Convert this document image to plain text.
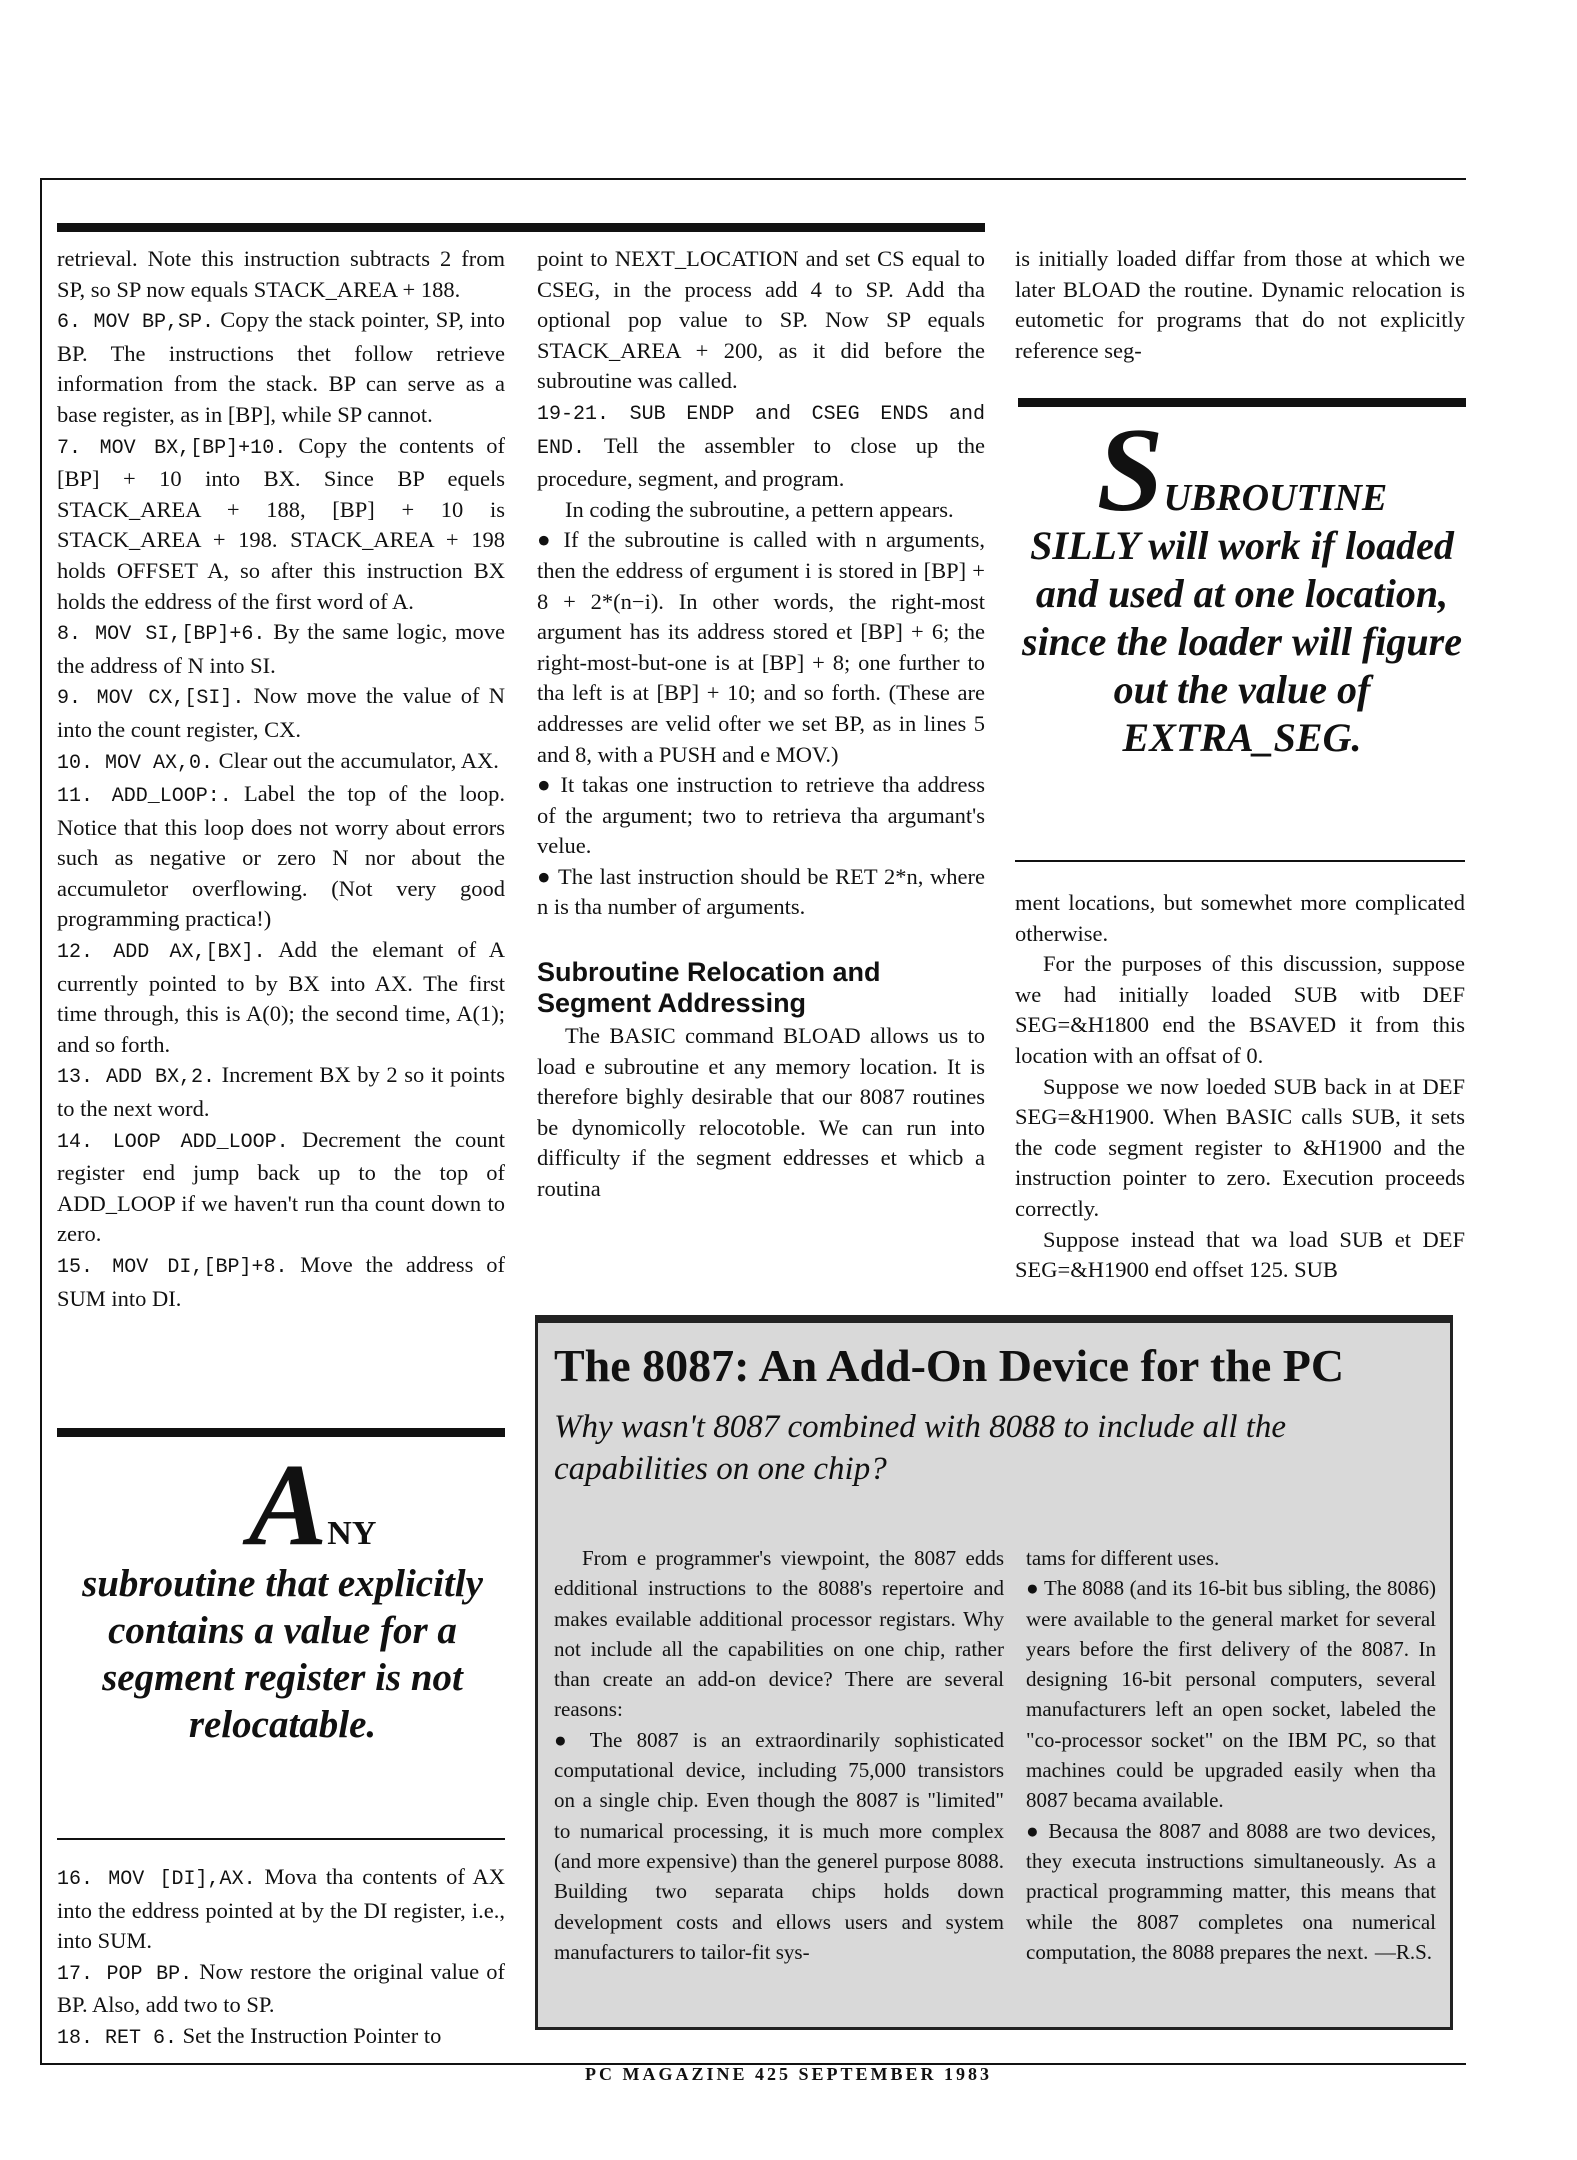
retrieval. Note this instruction subtracts 2 from SP, so SP now equals STACK_AREA + 188.

6. MOV BP,SP. Copy the stack pointer, SP, into BP. The instructions thet follow retrieve information from the stack. BP can serve as a base register, as in [BP], while SP cannot.

7. MOV BX,[BP]+10. Copy the contents of [BP] + 10 into BX. Since BP equels STACK_AREA + 188, [BP] + 10 is STACK_AREA + 198. STACK_AREA + 198 holds OFFSET A, so after this instruction BX holds the eddress of the first word of A.

8. MOV SI,[BP]+6. By the same logic, move the address of N into SI.

9. MOV CX,[SI]. Now move the value of N into the count register, CX.

10. MOV AX,0. Clear out the accumulator, AX.

11. ADD_LOOP:. Label the top of the loop. Notice that this loop does not worry about errors such as negative or zero N nor about the accumuletor overflowing. (Not very good programming practica!)

12. ADD AX,[BX]. Add the elemant of A currently pointed to by BX into AX. The first time through, this is A(0); the second time, A(1); and so forth.

13. ADD BX,2. Increment BX by 2 so it points to the next word.

14. LOOP ADD_LOOP. Decrement the count register end jump back up to the top of ADD_LOOP if we haven't run tha count down to zero.

15. MOV DI,[BP]+8. Move the address of SUM into DI.

ANY
subroutine that explicitly contains a value for a segment register is not relocatable.

16. MOV [DI],AX. Mova tha contents of AX into the eddress pointed at by the DI register, i.e., into SUM.

17. POP BP. Now restore the original value of BP. Also, add two to SP.

18. RET 6. Set the Instruction Pointer to

point to NEXT_LOCATION and set CS equal to CSEG, in the process add 4 to SP. Add tha optional pop value to SP. Now SP equals STACK_AREA + 200, as it did before the subroutine was called.

19-21. SUB ENDP and CSEG ENDS and END. Tell the assembler to close up the procedure, segment, and program.

In coding the subroutine, a pettern appears.

● If the subroutine is called with n arguments, then the eddress of ergument i is stored in [BP] + 8 + 2*(n−i). In other words, the right-most argument has its address stored et [BP] + 6; the right-most-but-one is at [BP] + 8; one further to tha left is at [BP] + 10; and so forth. (These are addresses are velid ofter we set BP, as in lines 5 and 8, with a PUSH and e MOV.)

● It takas one instruction to retrieve tha address of the argument; two to retrieva tha argumant's velue.

● The last instruction should be RET 2*n, where n is tha number of arguments.

Subroutine Relocation and Segment Addressing

The BASIC command BLOAD allows us to load e subroutine et any memory location. It is therefore bighly desirable that our 8087 routines be dynomicolly relocotoble. We can run into difficulty if the segment eddresses et whicb a routina

is initially loaded diffar from those at which we later BLOAD the routine. Dynamic relocation is eutometic for programs that do not explicitly reference seg-

SUBROUTINE
SILLY will work if loaded and used at one location, since the loader will figure out the value of EXTRA_SEG.

ment locations, but somewhet more complicated otherwise.

For the purposes of this discussion, suppose we had initially loaded SUB witb DEF SEG=&H1800 end the BSAVED it from this location with an offsat of 0.

Suppose we now loeded SUB back in at DEF SEG=&H1900. When BASIC calls SUB, it sets the code segment register to &H1900 and the instruction pointer to zero. Execution proceeds correctly.

Suppose instead that wa load SUB et DEF SEG=&H1900 end offset 125. SUB

The 8087: An Add-On Device for the PC
Why wasn't 8087 combined with 8088 to include all the capabilities on one chip?

From e programmer's viewpoint, the 8087 edds edditional instructions to the 8088's repertoire and makes evailable additional processor registars. Why not include all the capabilities on one chip, rather than create an add-on device? There are several reasons:

● The 8087 is an extraordinarily sophisticated computational device, including 75,000 transistors on a single chip. Even though the 8087 is "limited" to numarical processing, it is much more complex (and more expensive) than the generel purpose 8088. Building two separata chips holds down development costs and ellows users and system manufacturers to tailor-fit sys-

tams for different uses.

● The 8088 (and its 16-bit bus sibling, the 8086) were available to the general market for several years before the first delivery of the 8087. In designing 16-bit personal computers, several manufacturers left an open socket, labeled the "co-processor socket" on the IBM PC, so that machines could be upgraded easily when tha 8087 becama available.

● Becausa the 8087 and 8088 are two devices, they executa instructions simultaneously. As a practical programming matter, this means that while the 8087 completes ona numerical computation, the 8088 prepares the next. —R.S.

PC MAGAZINE 425 SEPTEMBER 1983
